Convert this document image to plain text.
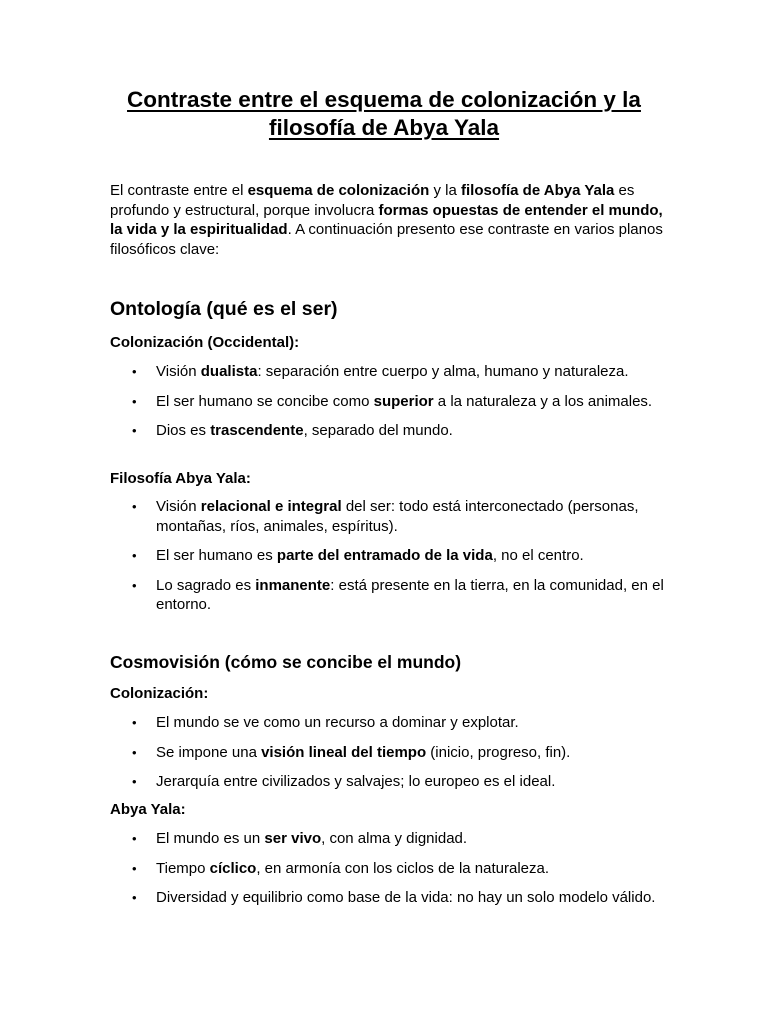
Contraste entre el esquema de colonización y la filosofía de Abya Yala

El contraste entre el esquema de colonización y la filosofía de Abya Yala es profundo y estructural, porque involucra formas opuestas de entender el mundo, la vida y la espiritualidad. A continuación presento ese contraste en varios planos filosóficos clave:

Ontología (qué es el ser)
Colonización (Occidental):
• Visión dualista: separación entre cuerpo y alma, humano y naturaleza.
• El ser humano se concibe como superior a la naturaleza y a los animales.
• Dios es trascendente, separado del mundo.
Filosofía Abya Yala:
• Visión relacional e integral del ser: todo está interconectado (personas, montañas, ríos, animales, espíritus).
• El ser humano es parte del entramado de la vida, no el centro.
• Lo sagrado es inmanente: está presente en la tierra, en la comunidad, en el entorno.
Cosmovisión (cómo se concibe el mundo)
Colonización:
• El mundo se ve como un recurso a dominar y explotar.
• Se impone una visión lineal del tiempo (inicio, progreso, fin).
• Jerarquía entre civilizados y salvajes; lo europeo es el ideal.
Abya Yala:
• El mundo es un ser vivo, con alma y dignidad.
• Tiempo cíclico, en armonía con los ciclos de la naturaleza.
• Diversidad y equilibrio como base de la vida: no hay un solo modelo válido.
